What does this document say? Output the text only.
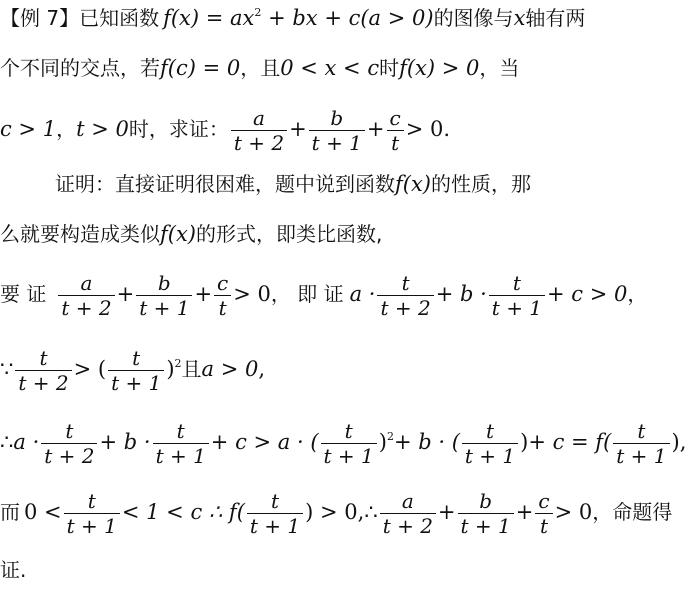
【例 7】已知函数 $f(x) = ax^2$ + bx + c(a > 0)的图像与x轴有两
个不同的交点，若f(c) = 0，且0 < x < c时f(x) > 0，当
c > 1，t > 0时，求证： $\frac{a}{t + 2} + \frac{b}{t + 1} + \frac{c}{t} > 0$.
证明：直接证明很困难，题中说到函数f(x)的性质，那
么就要构造成类似f(x)的形式，即类比函数,
要 证 $\frac{a}{t + 2} + \frac{b}{t + 1} + \frac{c}{t} > 0$， 即 证 $a \cdot \frac{t}{t + 2} + b \cdot \frac{t}{t + 1} + c > 0$，
∵ $\frac{t}{t + 2}$ > ( $\frac{t}{t + 1} )^2$且a > 0,
∴a · $\frac{t}{t + 2} + b \cdot \frac{t}{t + 1} + c > a$ · ( $\frac{t}{t + 1} )^2+ b$ · ( $\frac{t}{t + 1}$ )+ $c = f( \frac{t}{t + 1}$ ),
而 $0 < \frac{t}{t + 1} < 1 < c$ ∴ $f( \frac{t}{t + 1}$ ) > 0,∴ $\frac{a}{t + 2} + \frac{b}{t + 1} + \frac{c}{t} > 0$，命题得
证.
